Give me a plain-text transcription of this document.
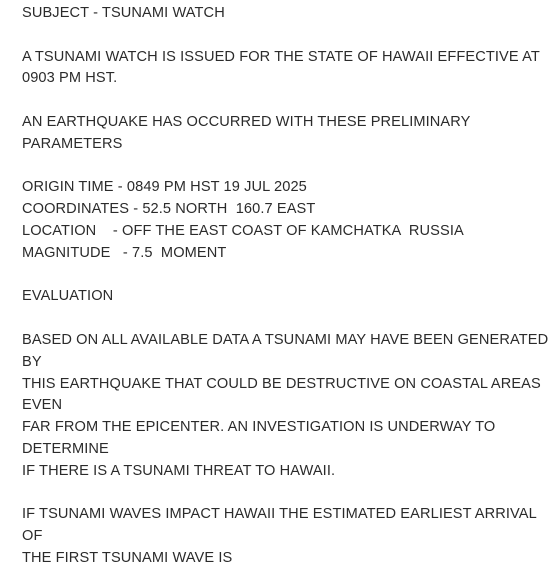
SUBJECT - TSUNAMI WATCH
A TSUNAMI WATCH IS ISSUED FOR THE STATE OF HAWAII EFFECTIVE AT
0903 PM HST.
AN EARTHQUAKE HAS OCCURRED WITH THESE PRELIMINARY
PARAMETERS
ORIGIN TIME - 0849 PM HST 19 JUL 2025
COORDINATES - 52.5 NORTH  160.7 EAST
LOCATION    - OFF THE EAST COAST OF KAMCHATKA  RUSSIA
MAGNITUDE   - 7.5  MOMENT
EVALUATION
BASED ON ALL AVAILABLE DATA A TSUNAMI MAY HAVE BEEN GENERATED
BY
THIS EARTHQUAKE THAT COULD BE DESTRUCTIVE ON COASTAL AREAS
EVEN
FAR FROM THE EPICENTER. AN INVESTIGATION IS UNDERWAY TO
DETERMINE
IF THERE IS A TSUNAMI THREAT TO HAWAII.
IF TSUNAMI WAVES IMPACT HAWAII THE ESTIMATED EARLIEST ARRIVAL
OF
THE FIRST TSUNAMI WAVE IS
